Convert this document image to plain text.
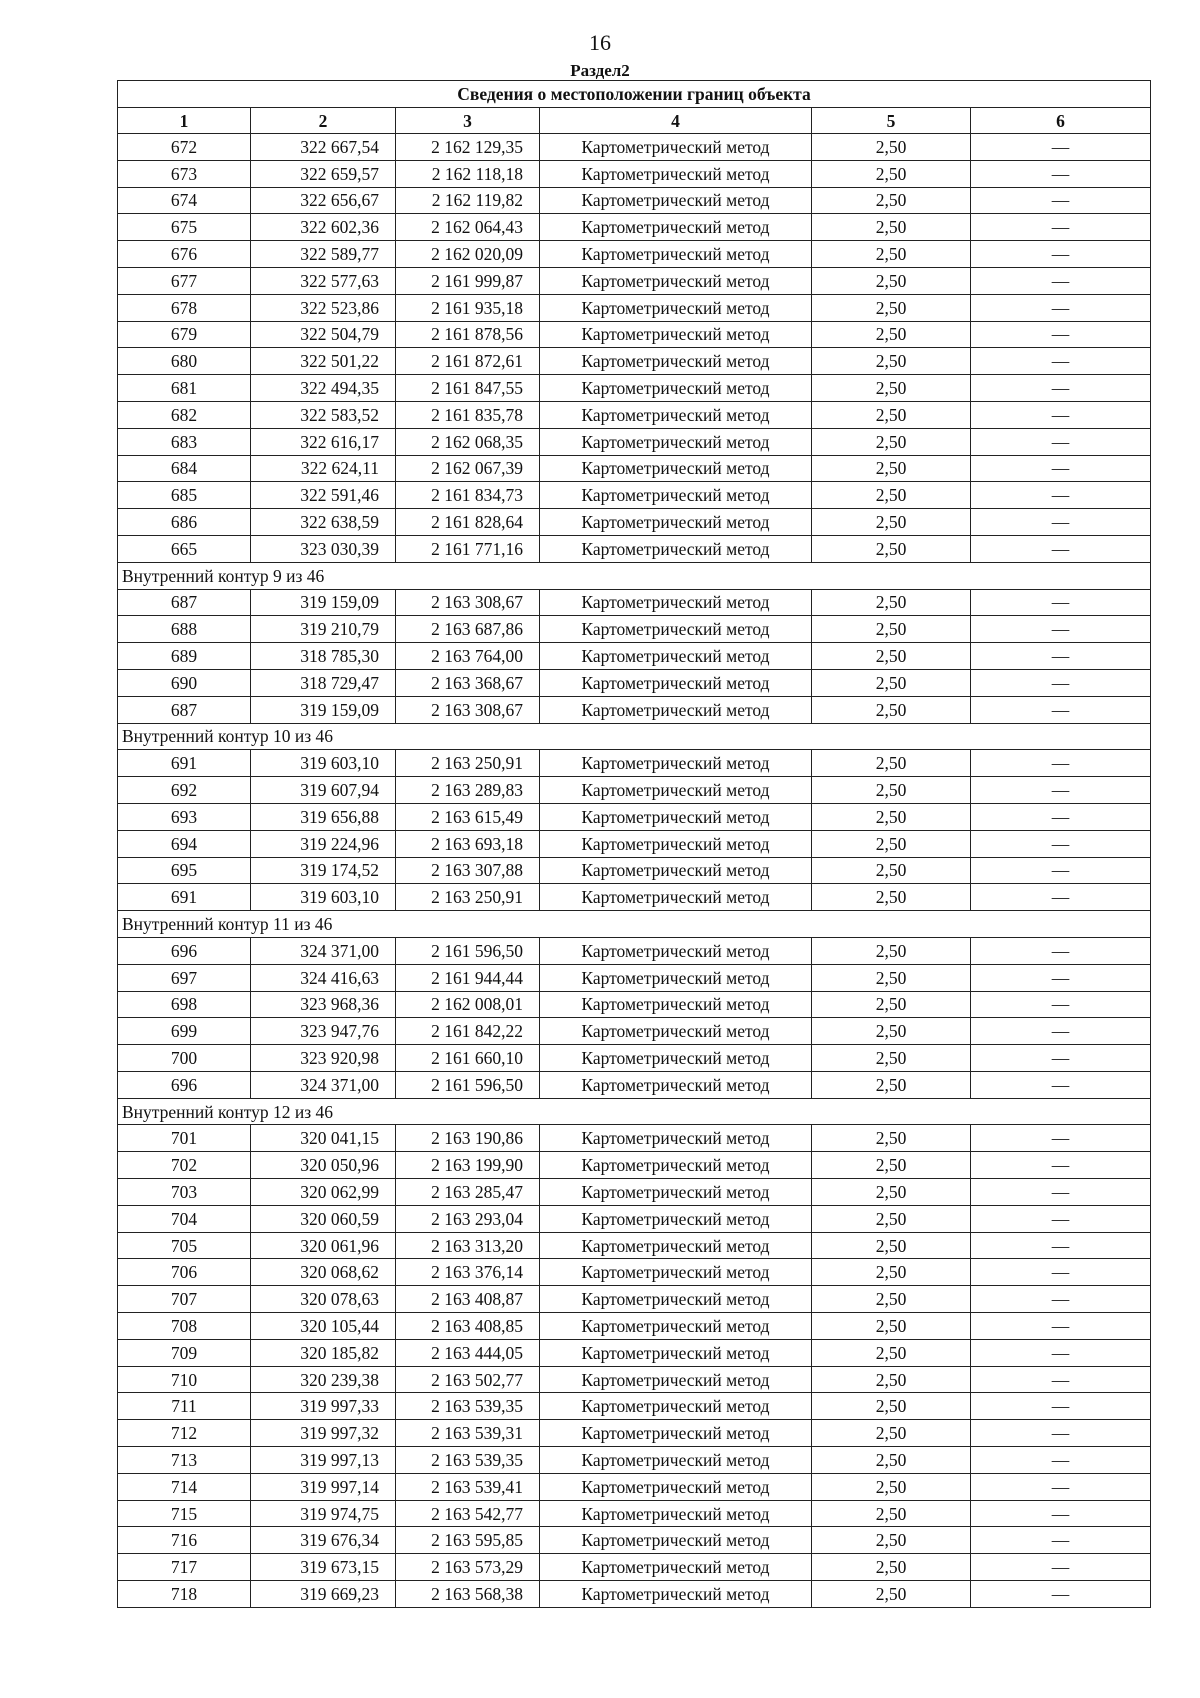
16
Раздел2
Сведения о местоположении границ объекта					
1	2	3	4	5	6
672	322 667,54	2 162 129,35	Картометрический метод	2,50	—
673	322 659,57	2 162 118,18	Картометрический метод	2,50	—
674	322 656,67	2 162 119,82	Картометрический метод	2,50	—
675	322 602,36	2 162 064,43	Картометрический метод	2,50	—
676	322 589,77	2 162 020,09	Картометрический метод	2,50	—
677	322 577,63	2 161 999,87	Картометрический метод	2,50	—
678	322 523,86	2 161 935,18	Картометрический метод	2,50	—
679	322 504,79	2 161 878,56	Картометрический метод	2,50	—
680	322 501,22	2 161 872,61	Картометрический метод	2,50	—
681	322 494,35	2 161 847,55	Картометрический метод	2,50	—
682	322 583,52	2 161 835,78	Картометрический метод	2,50	—
683	322 616,17	2 162 068,35	Картометрический метод	2,50	—
684	322 624,11	2 162 067,39	Картометрический метод	2,50	—
685	322 591,46	2 161 834,73	Картометрический метод	2,50	—
686	322 638,59	2 161 828,64	Картометрический метод	2,50	—
665	323 030,39	2 161 771,16	Картометрический метод	2,50	—
Внутренний контур 9 из 46					
687	319 159,09	2 163 308,67	Картометрический метод	2,50	—
688	319 210,79	2 163 687,86	Картометрический метод	2,50	—
689	318 785,30	2 163 764,00	Картометрический метод	2,50	—
690	318 729,47	2 163 368,67	Картометрический метод	2,50	—
687	319 159,09	2 163 308,67	Картометрический метод	2,50	—
Внутренний контур 10 из 46					
691	319 603,10	2 163 250,91	Картометрический метод	2,50	—
692	319 607,94	2 163 289,83	Картометрический метод	2,50	—
693	319 656,88	2 163 615,49	Картометрический метод	2,50	—
694	319 224,96	2 163 693,18	Картометрический метод	2,50	—
695	319 174,52	2 163 307,88	Картометрический метод	2,50	—
691	319 603,10	2 163 250,91	Картометрический метод	2,50	—
Внутренний контур 11 из 46					
696	324 371,00	2 161 596,50	Картометрический метод	2,50	—
697	324 416,63	2 161 944,44	Картометрический метод	2,50	—
698	323 968,36	2 162 008,01	Картометрический метод	2,50	—
699	323 947,76	2 161 842,22	Картометрический метод	2,50	—
700	323 920,98	2 161 660,10	Картометрический метод	2,50	—
696	324 371,00	2 161 596,50	Картометрический метод	2,50	—
Внутренний контур 12 из 46					
701	320 041,15	2 163 190,86	Картометрический метод	2,50	—
702	320 050,96	2 163 199,90	Картометрический метод	2,50	—
703	320 062,99	2 163 285,47	Картометрический метод	2,50	—
704	320 060,59	2 163 293,04	Картометрический метод	2,50	—
705	320 061,96	2 163 313,20	Картометрический метод	2,50	—
706	320 068,62	2 163 376,14	Картометрический метод	2,50	—
707	320 078,63	2 163 408,87	Картометрический метод	2,50	—
708	320 105,44	2 163 408,85	Картометрический метод	2,50	—
709	320 185,82	2 163 444,05	Картометрический метод	2,50	—
710	320 239,38	2 163 502,77	Картометрический метод	2,50	—
711	319 997,33	2 163 539,35	Картометрический метод	2,50	—
712	319 997,32	2 163 539,31	Картометрический метод	2,50	—
713	319 997,13	2 163 539,35	Картометрический метод	2,50	—
714	319 997,14	2 163 539,41	Картометрический метод	2,50	—
715	319 974,75	2 163 542,77	Картометрический метод	2,50	—
716	319 676,34	2 163 595,85	Картометрический метод	2,50	—
717	319 673,15	2 163 573,29	Картометрический метод	2,50	—
718	319 669,23	2 163 568,38	Картометрический метод	2,50	—
